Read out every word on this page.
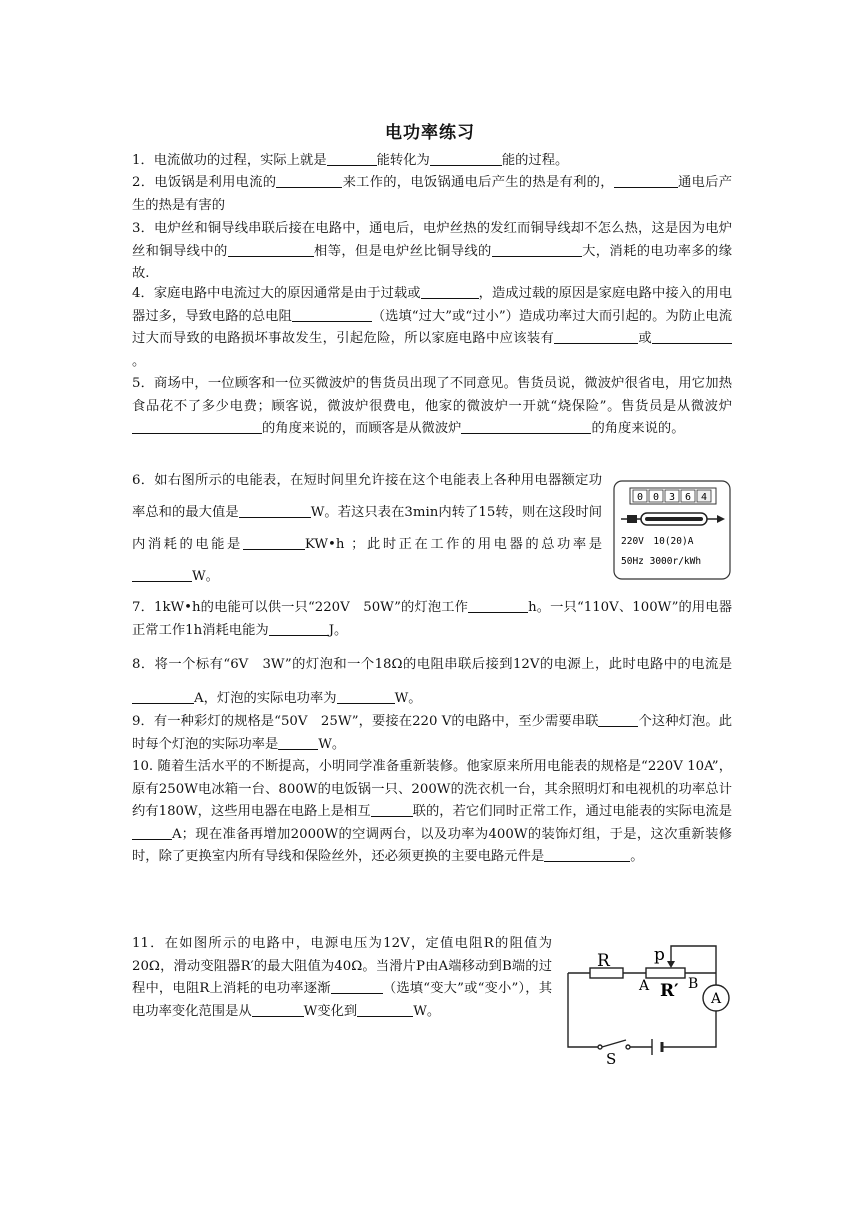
电功率练习

1．电流做功的过程，实际上就是	能转化为	能的过程。

2．电饭锅是利用电流的	来工作的，电饭锅通电后产生的热是有利的，	通电后产生的热是有害的

3．电炉丝和铜导线串联后接在电路中，通电后，电炉丝热的发红而铜导线却不怎么热，这是因为电炉丝和铜导线中的	相等，但是电炉丝比铜导线的	大，消耗的电功率多的缘故.

4．家庭电路中电流过大的原因通常是由于过载或	，造成过载的原因是家庭电路中接入的用电器过多，导致电路的总电阻	（选填“过大”或“过小”）造成功率过大而引起的。为防止电流过大而导致的电路损坏事故发生，引起危险，所以家庭电路中应该装有	或。

5．商场中，一位顾客和一位买微波炉的售货员出现了不同意见。售货员说，微波炉很省电，用它加热食品花不了多少电费；顾客说，微波炉很费电，他家的微波炉一开就“烧保险”。售货员是从微波炉的角度来说的，而顾客是从微波炉	的角度来说的。

6．如右图所示的电能表，在短时间里允许接在这个电能表上各种用电器额定功率总和的最大值是	W。若这只表在3min内转了15转，则在这段时间内消耗的电能是	KW•h ；此时正在工作的用电器的总功率是W。

0 0 3 6 4
220V　10(20)A
50Hz 3000r/kWh

7．1kW•h的电能可以供一只“220V　50W”的灯泡工作	h。一只“110V、100W”的用电器正常工作1h消耗电能为	J。

8．将一个标有“6V　3W”的灯泡和一个18Ω的电阻串联后接到12V的电源上，此时电路中的电流是A，灯泡的实际电功率为	W。

9．有一种彩灯的规格是“50V　25W”，要接在220 V的电路中，至少需要串联	个这种灯泡。此时每个灯泡的实际功率是	W。

10. 随着生活水平的不断提高，小明同学准备重新装修。他家原来所用电能表的规格是“220V 10A”，原有250W电冰箱一台、800W的电饭锅一只、200W的洗衣机一台，其余照明灯和电视机的功率总计约有180W，这些用电器在电路上是相互	联的，若它们同时正常工作，通过电能表的实际电流是A；现在准备再增加2000W的空调两台，以及功率为400W的装饰灯组，于是，这次重新装修时，除了更换室内所有导线和保险丝外，还必须更换的主要电路元件是	。

11．在如图所示的电路中，电源电压为12V，定值电阻R的阻值为20Ω，滑动变阻器R′的最大阻值为40Ω。当滑片P由A端移动到B端的过程中，电阻R上消耗的电功率逐渐	（选填“变大”或“变小”），其电功率变化范围是从	W变化到	W。

R	p
A R′ B
A
S
